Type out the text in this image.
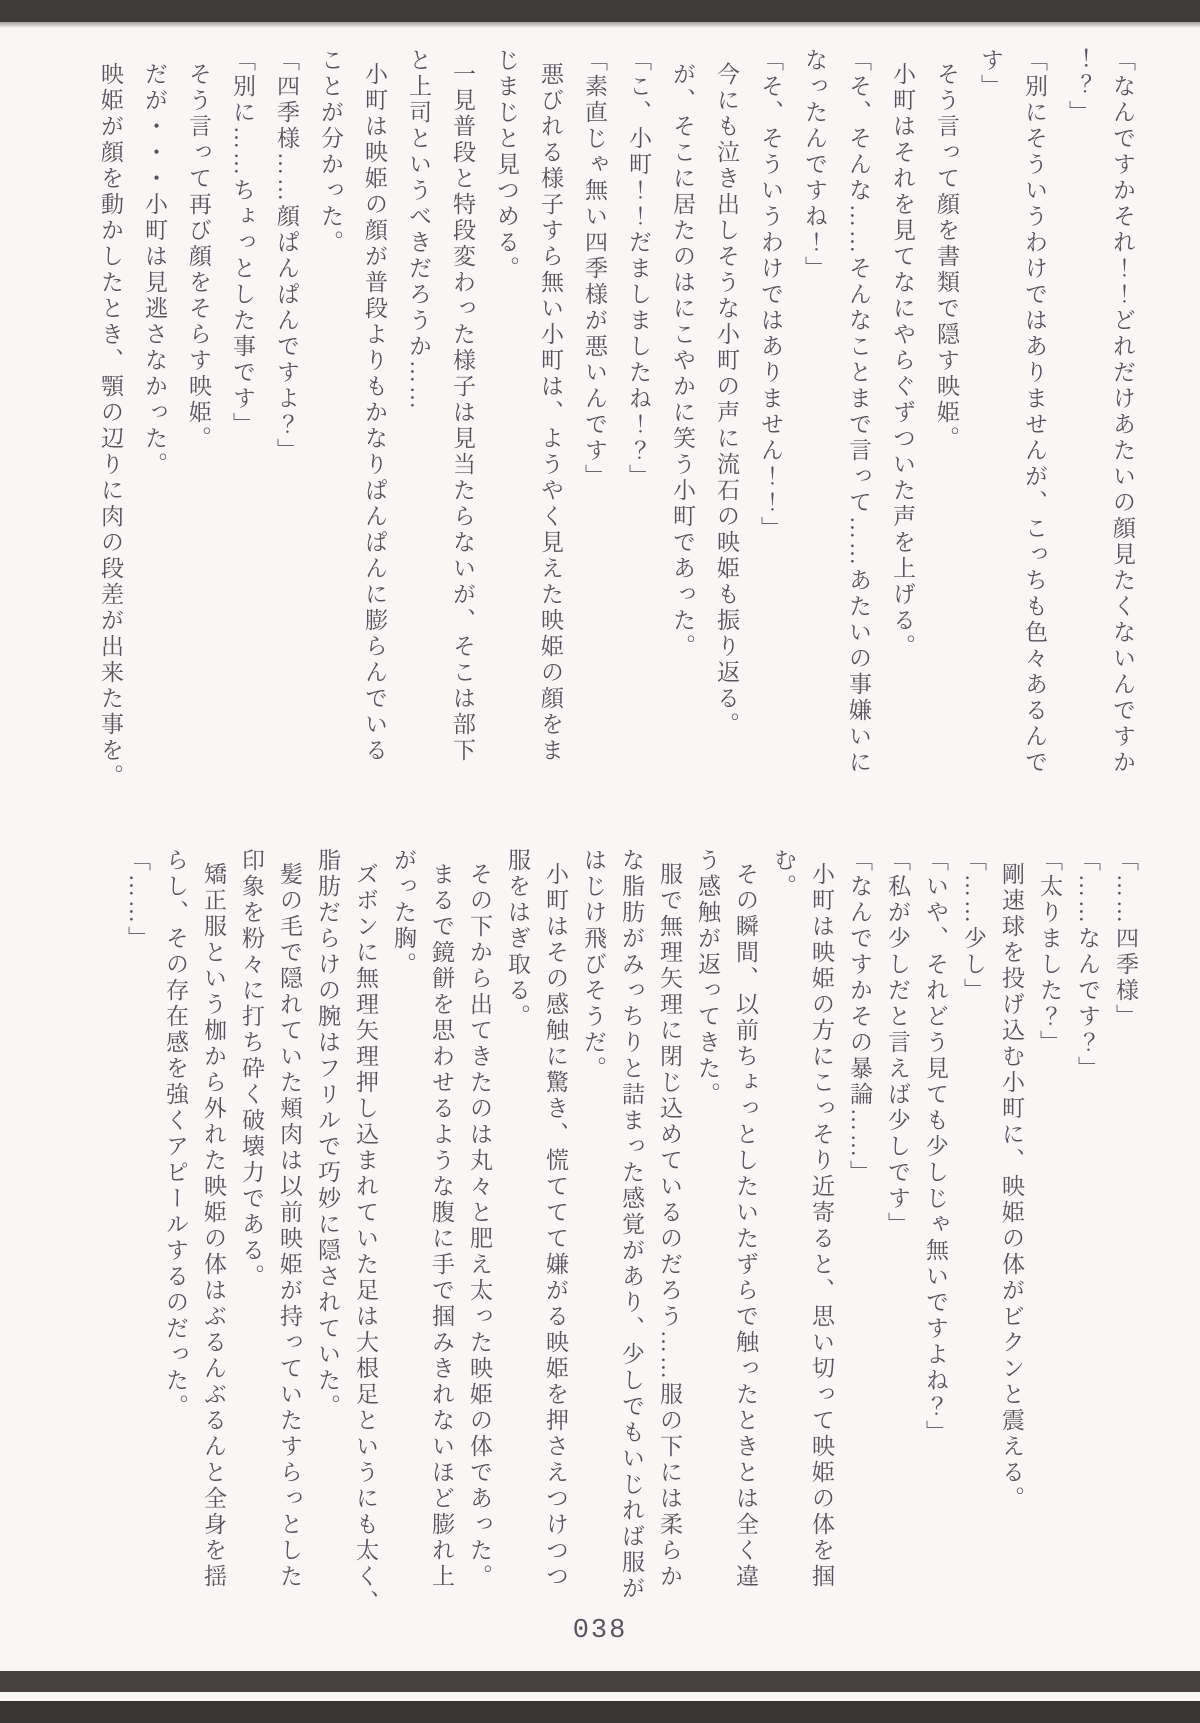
「なんですかそれ！！どれだけあたいの顔見たくないんですか

！？」

「別にそういうわけではありませんが、こっちも色々あるんで

す」

そう言って顔を書類で隠す映姫。

小町はそれを見てなにやらぐずついた声を上げる。

「そ、そんな……そんなことまで言って……あたいの事嫌いに

なったんですね！」

「そ、そういうわけではありません！！」

今にも泣き出しそうな小町の声に流石の映姫も振り返る。

が、そこに居たのはにこやかに笑う小町であった。

「こ、小町！！だましましたね！？」

「素直じゃ無い四季様が悪いんです」

悪びれる様子すら無い小町は、ようやく見えた映姫の顔をま

じまじと見つめる。

一見普段と特段変わった様子は見当たらないが、そこは部下

と上司というべきだろうか……

小町は映姫の顔が普段よりもかなりぱんぱんに膨らんでいる

ことが分かった。

「四季様……顔ぱんぱんですよ？」

「別に……ちょっとした事です」

そう言って再び顔をそらす映姫。

だが・・・小町は見逃さなかった。

映姫が顔を動かしたとき、顎の辺りに肉の段差が出来た事を。

「……四季様」

「……なんです？」

「太りました？」

剛速球を投げ込む小町に、映姫の体がビクンと震える。

「……少し」

「いや、それどう見ても少しじゃ無いですよね？」

「私が少しだと言えば少しです」

「なんですかその暴論……」

小町は映姫の方にこっそり近寄ると、思い切って映姫の体を掴

む。

その瞬間、以前ちょっとしたいたずらで触ったときとは全く違

う感触が返ってきた。

服で無理矢理に閉じ込めているのだろう……服の下には柔らか

な脂肪がみっちりと詰まった感覚があり、少しでもいじれば服が

はじけ飛びそうだ。

小町はその感触に驚き、慌ててて嫌がる映姫を押さえつけつつ

服をはぎ取る。

その下から出てきたのは丸々と肥え太った映姫の体であった。

まるで鏡餅を思わせるような腹に手で掴みきれないほど膨れ上

がった胸。

ズボンに無理矢理押し込まれていた足は大根足というにも太く、

脂肪だらけの腕はフリルで巧妙に隠されていた。

髪の毛で隠れていた頬肉は以前映姫が持っていたすらっとした

印象を粉々に打ち砕く破壊力である。

矯正服という枷から外れた映姫の体はぶるんぶるんと全身を揺

らし、その存在感を強くアピールするのだった。

「……」

038
